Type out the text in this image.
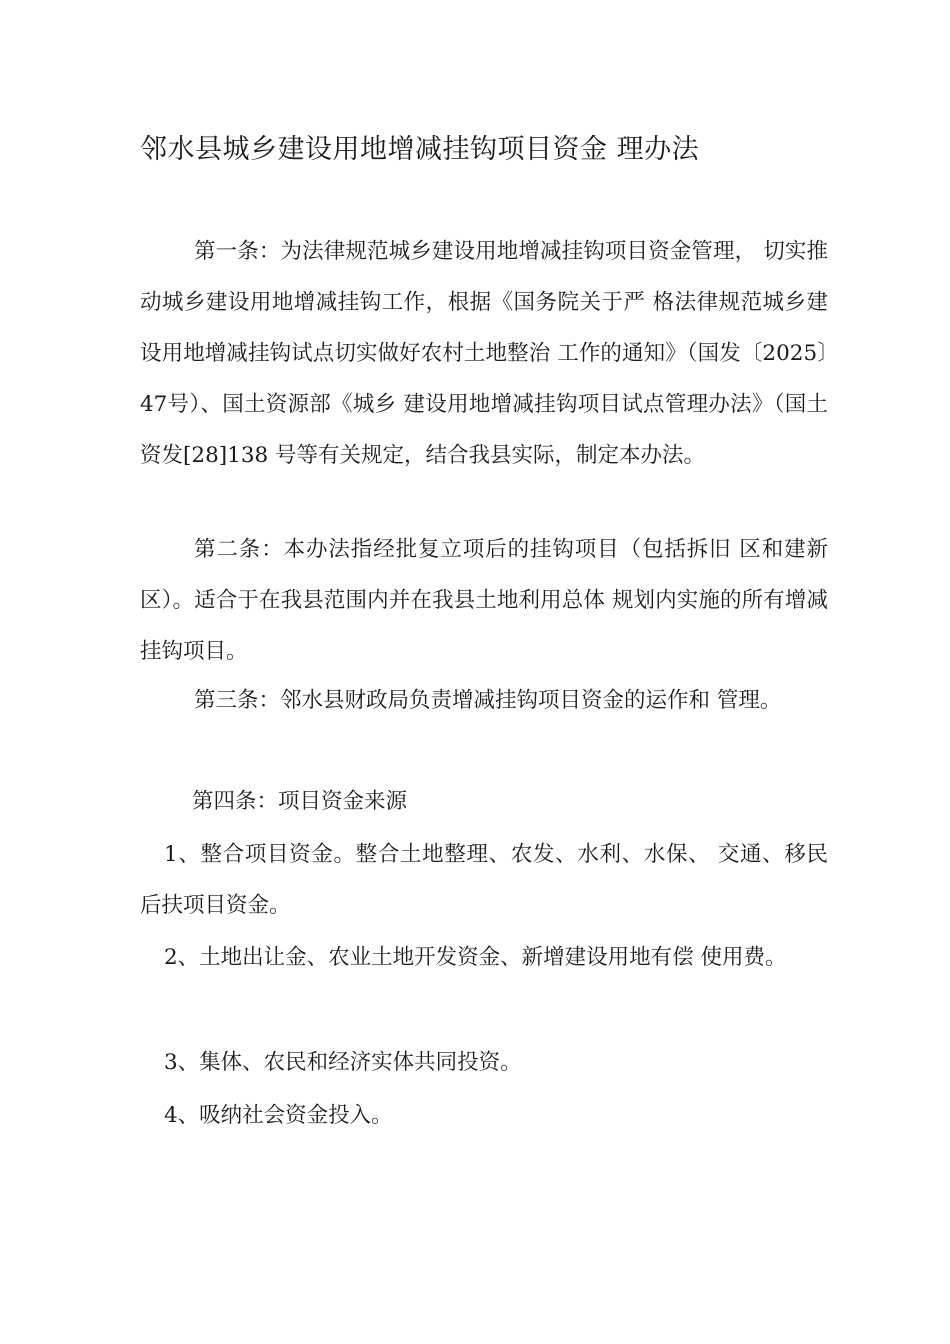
邻水县城乡建设用地增减挂钩项目资金 理办法
第一条：为法律规范城乡建设用地增减挂钩项目资金管理， 切实推动城乡建设用地增减挂钩工作，根据《国务院关于严 格法律规范城乡建设用地增减挂钩试点切实做好农村土地整治 工作的通知》（国发〔2025〕47号）、国土资源部《城乡 建设用地增减挂钩项目试点管理办法》（国土资发[28]138 号等有关规定，结合我县实际，制定本办法。
第二条：本办法指经批复立项后的挂钩项目（包括拆旧 区和建新区）。适合于在我县范围内并在我县土地利用总体 规划内实施的所有增减挂钩项目。
第三条：邻水县财政局负责增减挂钩项目资金的运作和 管理。
第四条：项目资金来源
1、整合项目资金。整合土地整理、农发、水利、水保、 交通、移民后扶项目资金。
2、土地出让金、农业土地开发资金、新增建设用地有偿 使用费。
3、集体、农民和经济实体共同投资。
4、吸纳社会资金投入。
